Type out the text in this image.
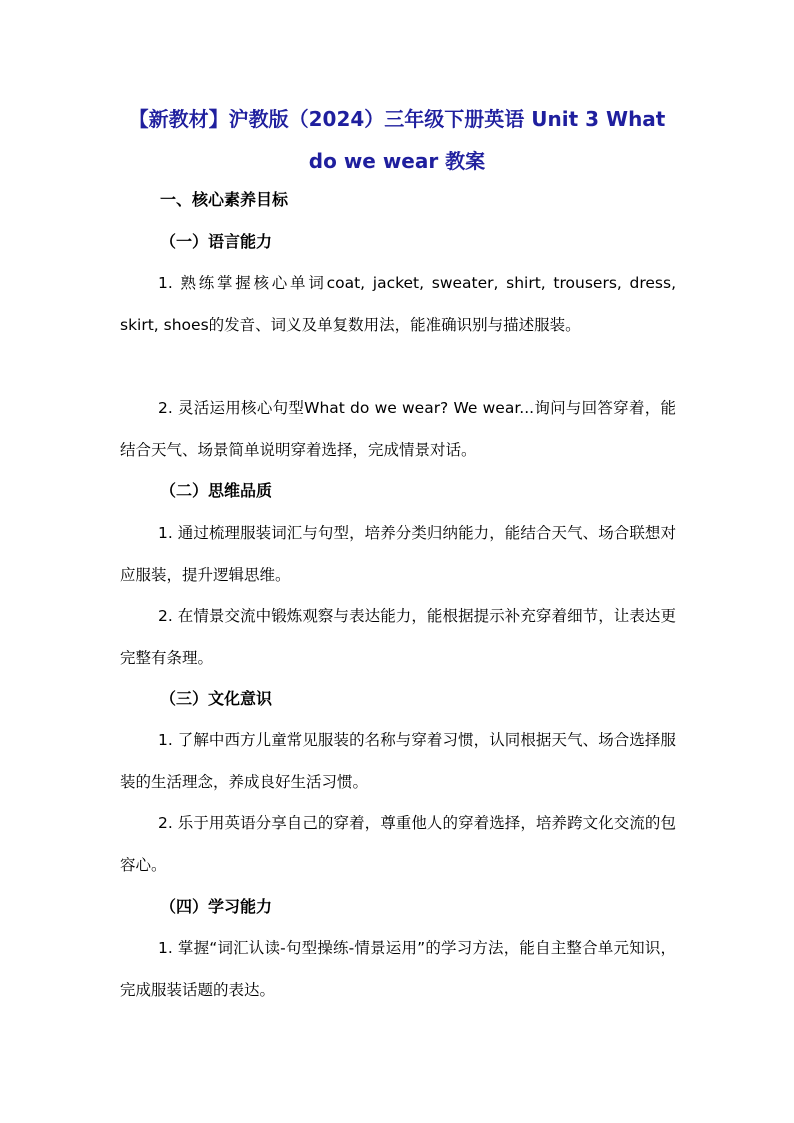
【新教材】沪教版（2024）三年级下册英语 Unit 3 What do we wear 教案
一、核心素养目标
（一）语言能力
1. 熟练掌握核心单词coat, jacket, sweater, shirt, trousers, dress, skirt, shoes的发音、词义及单复数用法，能准确识别与描述服装。
2. 灵活运用核心句型What do we wear? We wear...询问与回答穿着，能结合天气、场景简单说明穿着选择，完成情景对话。
（二）思维品质
1. 通过梳理服装词汇与句型，培养分类归纳能力，能结合天气、场合联想对应服装，提升逻辑思维。
2. 在情景交流中锻炼观察与表达能力，能根据提示补充穿着细节，让表达更完整有条理。
（三）文化意识
1. 了解中西方儿童常见服装的名称与穿着习惯，认同根据天气、场合选择服装的生活理念，养成良好生活习惯。
2. 乐于用英语分享自己的穿着，尊重他人的穿着选择，培养跨文化交流的包容心。
（四）学习能力
1. 掌握“词汇认读-句型操练-情景运用”的学习方法，能自主整合单元知识，完成服装话题的表达。
